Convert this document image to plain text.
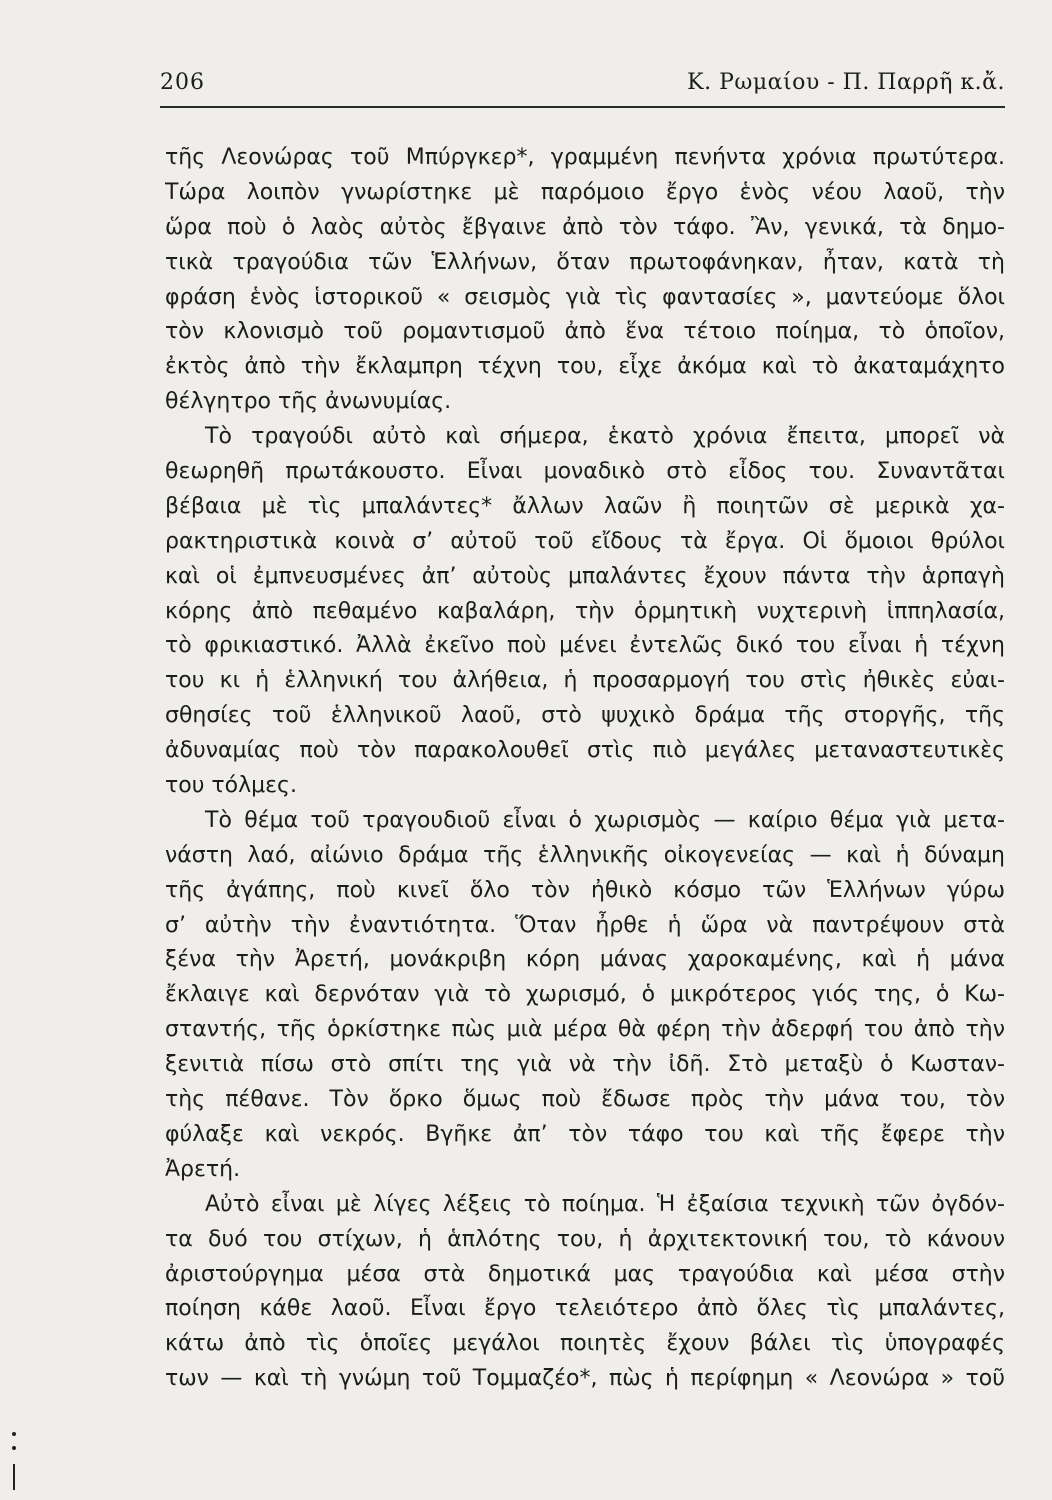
206	Κ. Ρωμαίου - Π. Παρρῆ κ.ἄ.
τῆς Λεονώρας τοῦ Μπύργκερ*, γραμμένη πενήντα χρόνια πρωτύτερα.
Τώρα λοιπὸν γνωρίστηκε μὲ παρόμοιο ἔργο ἑνὸς νέου λαοῦ, τὴν
ὥρα ποὺ ὁ λαὸς αὐτὸς ἔβγαινε ἀπὸ τὸν τάφο. Ἂν, γενικά, τὰ δημο-
τικὰ τραγούδια τῶν Ἑλλήνων, ὅταν πρωτοφάνηκαν, ἦταν, κατὰ τὴ
φράση ἑνὸς ἱστορικοῦ « σεισμὸς γιὰ τὶς φαντασίες », μαντεύομε ὅλοι
τὸν κλονισμὸ τοῦ ρομαντισμοῦ ἀπὸ ἕνα τέτοιο ποίημα, τὸ ὁποῖον,
ἐκτὸς ἀπὸ τὴν ἔκλαμπρη τέχνη του, εἶχε ἀκόμα καὶ τὸ ἀκαταμάχητο
θέλγητρο τῆς ἀνωνυμίας.
Τὸ τραγούδι αὐτὸ καὶ σήμερα, ἑκατὸ χρόνια ἔπειτα, μπορεῖ νὰ
θεωρηθῆ πρωτάκουστο. Εἶναι μοναδικὸ στὸ εἶδος του. Συναντᾶται
βέβαια μὲ τὶς μπαλάντες* ἄλλων λαῶν ἢ ποιητῶν σὲ μερικὰ χα-
ρακτηριστικὰ κοινὰ σ’ αὐτοῦ τοῦ εἴδους τὰ ἔργα. Οἱ ὅμοιοι θρύλοι
καὶ οἱ ἐμπνευσμένες ἀπ’ αὐτοὺς μπαλάντες ἔχουν πάντα τὴν ἁρπαγὴ
κόρης ἀπὸ πεθαμένο καβαλάρη, τὴν ὁρμητικὴ νυχτερινὴ ἱππηλασία,
τὸ φρικιαστικό. Ἀλλὰ ἐκεῖνο ποὺ μένει ἐντελῶς δικό του εἶναι ἡ τέχνη
του κι ἡ ἑλληνική του ἀλήθεια, ἡ προσαρμογή του στὶς ἠθικὲς εὐαι-
σθησίες τοῦ ἑλληνικοῦ λαοῦ, στὸ ψυχικὸ δράμα τῆς στοργῆς, τῆς
ἀδυναμίας ποὺ τὸν παρακολουθεῖ στὶς πιὸ μεγάλες μεταναστευτικὲς
του τόλμες.
Τὸ θέμα τοῦ τραγουδιοῦ εἶναι ὁ χωρισμὸς — καίριο θέμα γιὰ μετα-
νάστη λαό, αἰώνιο δράμα τῆς ἑλληνικῆς οἰκογενείας — καὶ ἡ δύναμη
τῆς ἀγάπης, ποὺ κινεῖ ὅλο τὸν ἠθικὸ κόσμο τῶν Ἑλλήνων γύρω
σ’ αὐτὴν τὴν ἐναντιότητα. Ὅταν ἦρθε ἡ ὥρα νὰ παντρέψουν στὰ
ξένα τὴν Ἀρετή, μονάκριβη κόρη μάνας χαροκαμένης, καὶ ἡ μάνα
ἔκλαιγε καὶ δερνόταν γιὰ τὸ χωρισμό, ὁ μικρότερος γιός της, ὁ Κω-
σταντής, τῆς ὁρκίστηκε πὼς μιὰ μέρα θὰ φέρη τὴν ἀδερφή του ἀπὸ τὴν
ξενιτιὰ πίσω στὸ σπίτι της γιὰ νὰ τὴν ἰδῆ. Στὸ μεταξὺ ὁ Κωσταν-
τὴς πέθανε. Τὸν ὅρκο ὅμως ποὺ ἔδωσε πρὸς τὴν μάνα του, τὸν
φύλαξε καὶ νεκρός. Βγῆκε ἀπ’ τὸν τάφο του καὶ τῆς ἔφερε τὴν
Ἀρετή.
Αὐτὸ εἶναι μὲ λίγες λέξεις τὸ ποίημα. Ἡ ἐξαίσια τεχνικὴ τῶν ὀγδόν-
τα δυό του στίχων, ἡ ἁπλότης του, ἡ ἀρχιτεκτονική του, τὸ κάνουν
ἀριστούργημα μέσα στὰ δημοτικά μας τραγούδια καὶ μέσα στὴν
ποίηση κάθε λαοῦ. Εἶναι ἔργο τελειότερο ἀπὸ ὅλες τὶς μπαλάντες,
κάτω ἀπὸ τὶς ὁποῖες μεγάλοι ποιητὲς ἔχουν βάλει τὶς ὑπογραφές
των — καὶ τὴ γνώμη τοῦ Τομμαζέο*, πὼς ἡ περίφημη « Λεονώρα » τοῦ
